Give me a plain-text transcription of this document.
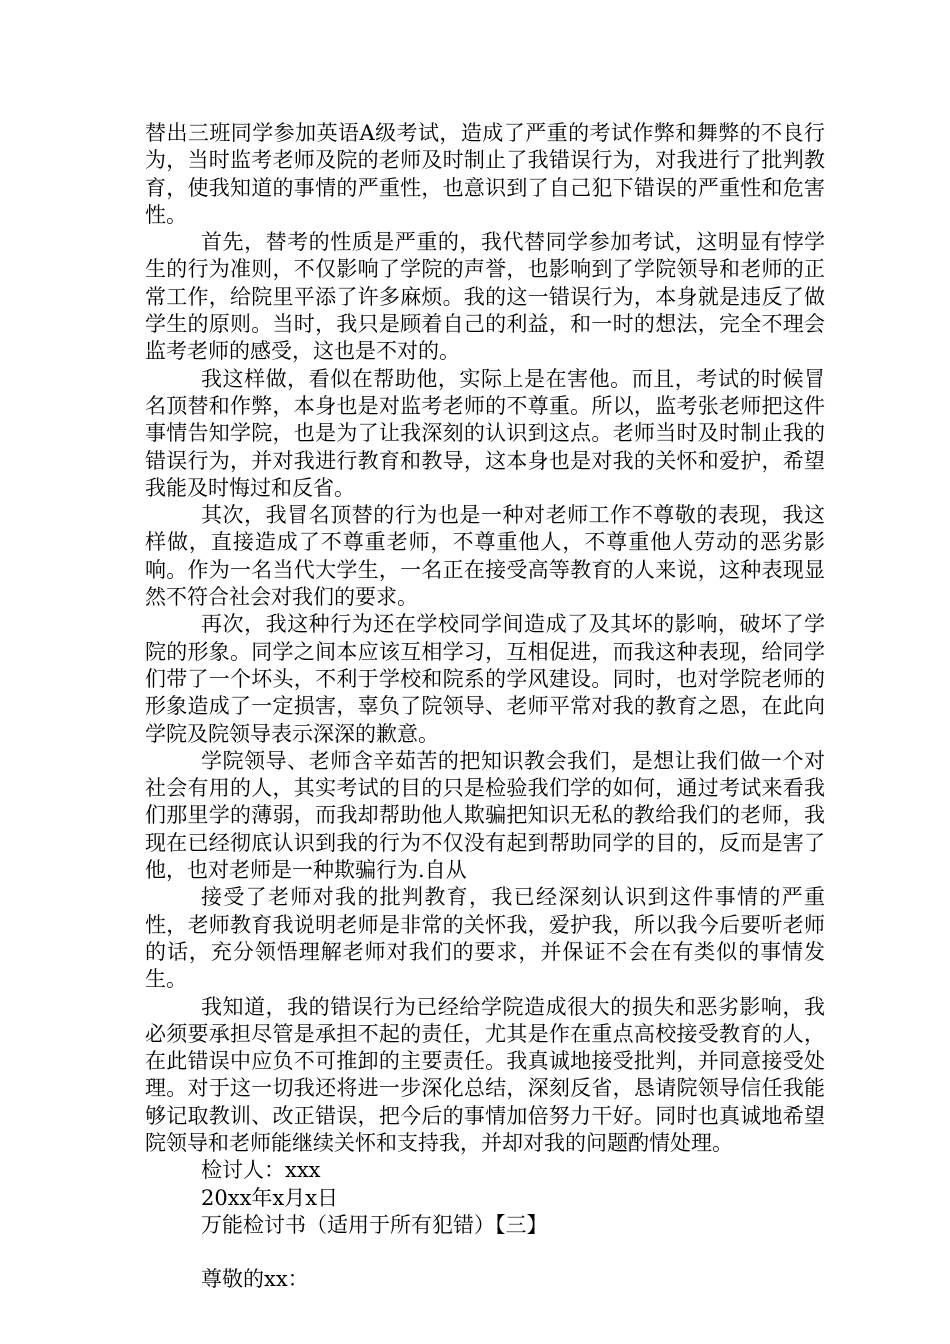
替出三班同学参加英语A级考试，造成了严重的考试作弊和舞弊的不良行为，当时监考老师及院的老师及时制止了我错误行为，对我进行了批判教育，使我知道的事情的严重性，也意识到了自己犯下错误的严重性和危害性。

首先，替考的性质是严重的，我代替同学参加考试，这明显有悖学生的行为准则，不仅影响了学院的声誉，也影响到了学院领导和老师的正常工作，给院里平添了许多麻烦。我的这一错误行为，本身就是违反了做学生的原则。当时，我只是顾着自己的利益，和一时的想法，完全不理会监考老师的感受，这也是不对的。

我这样做，看似在帮助他，实际上是在害他。而且，考试的时候冒名顶替和作弊，本身也是对监考老师的不尊重。所以，监考张老师把这件事情告知学院，也是为了让我深刻的认识到这点。老师当时及时制止我的错误行为，并对我进行教育和教导，这本身也是对我的关怀和爱护，希望我能及时悔过和反省。

其次，我冒名顶替的行为也是一种对老师工作不尊敬的表现，我这样做，直接造成了不尊重老师，不尊重他人，不尊重他人劳动的恶劣影响。作为一名当代大学生，一名正在接受高等教育的人来说，这种表现显然不符合社会对我们的要求。

再次，我这种行为还在学校同学间造成了及其坏的影响，破坏了学院的形象。同学之间本应该互相学习，互相促进，而我这种表现，给同学们带了一个坏头，不利于学校和院系的学风建设。同时，也对学院老师的形象造成了一定损害，辜负了院领导、老师平常对我的教育之恩，在此向学院及院领导表示深深的歉意。

学院领导、老师含辛茹苦的把知识教会我们，是想让我们做一个对社会有用的人，其实考试的目的只是检验我们学的如何，通过考试来看我们那里学的薄弱，而我却帮助他人欺骗把知识无私的教给我们的老师，我现在已经彻底认识到我的行为不仅没有起到帮助同学的目的，反而是害了他，也对老师是一种欺骗行为.自从

接受了老师对我的批判教育，我已经深刻认识到这件事情的严重性，老师教育我说明老师是非常的关怀我，爱护我，所以我今后要听老师的话，充分领悟理解老师对我们的要求，并保证不会在有类似的事情发生。

我知道，我的错误行为已经给学院造成很大的损失和恶劣影响，我必须要承担尽管是承担不起的责任，尤其是作在重点高校接受教育的人，在此错误中应负不可推卸的主要责任。我真诚地接受批判，并同意接受处理。对于这一切我还将进一步深化总结，深刻反省，恳请院领导信任我能够记取教训、改正错误，把今后的事情加倍努力干好。同时也真诚地希望院领导和老师能继续关怀和支持我，并却对我的问题酌情处理。

检讨人：xxx

20xx年x月x日

万能检讨书（适用于所有犯错）【三】

尊敬的xx：
